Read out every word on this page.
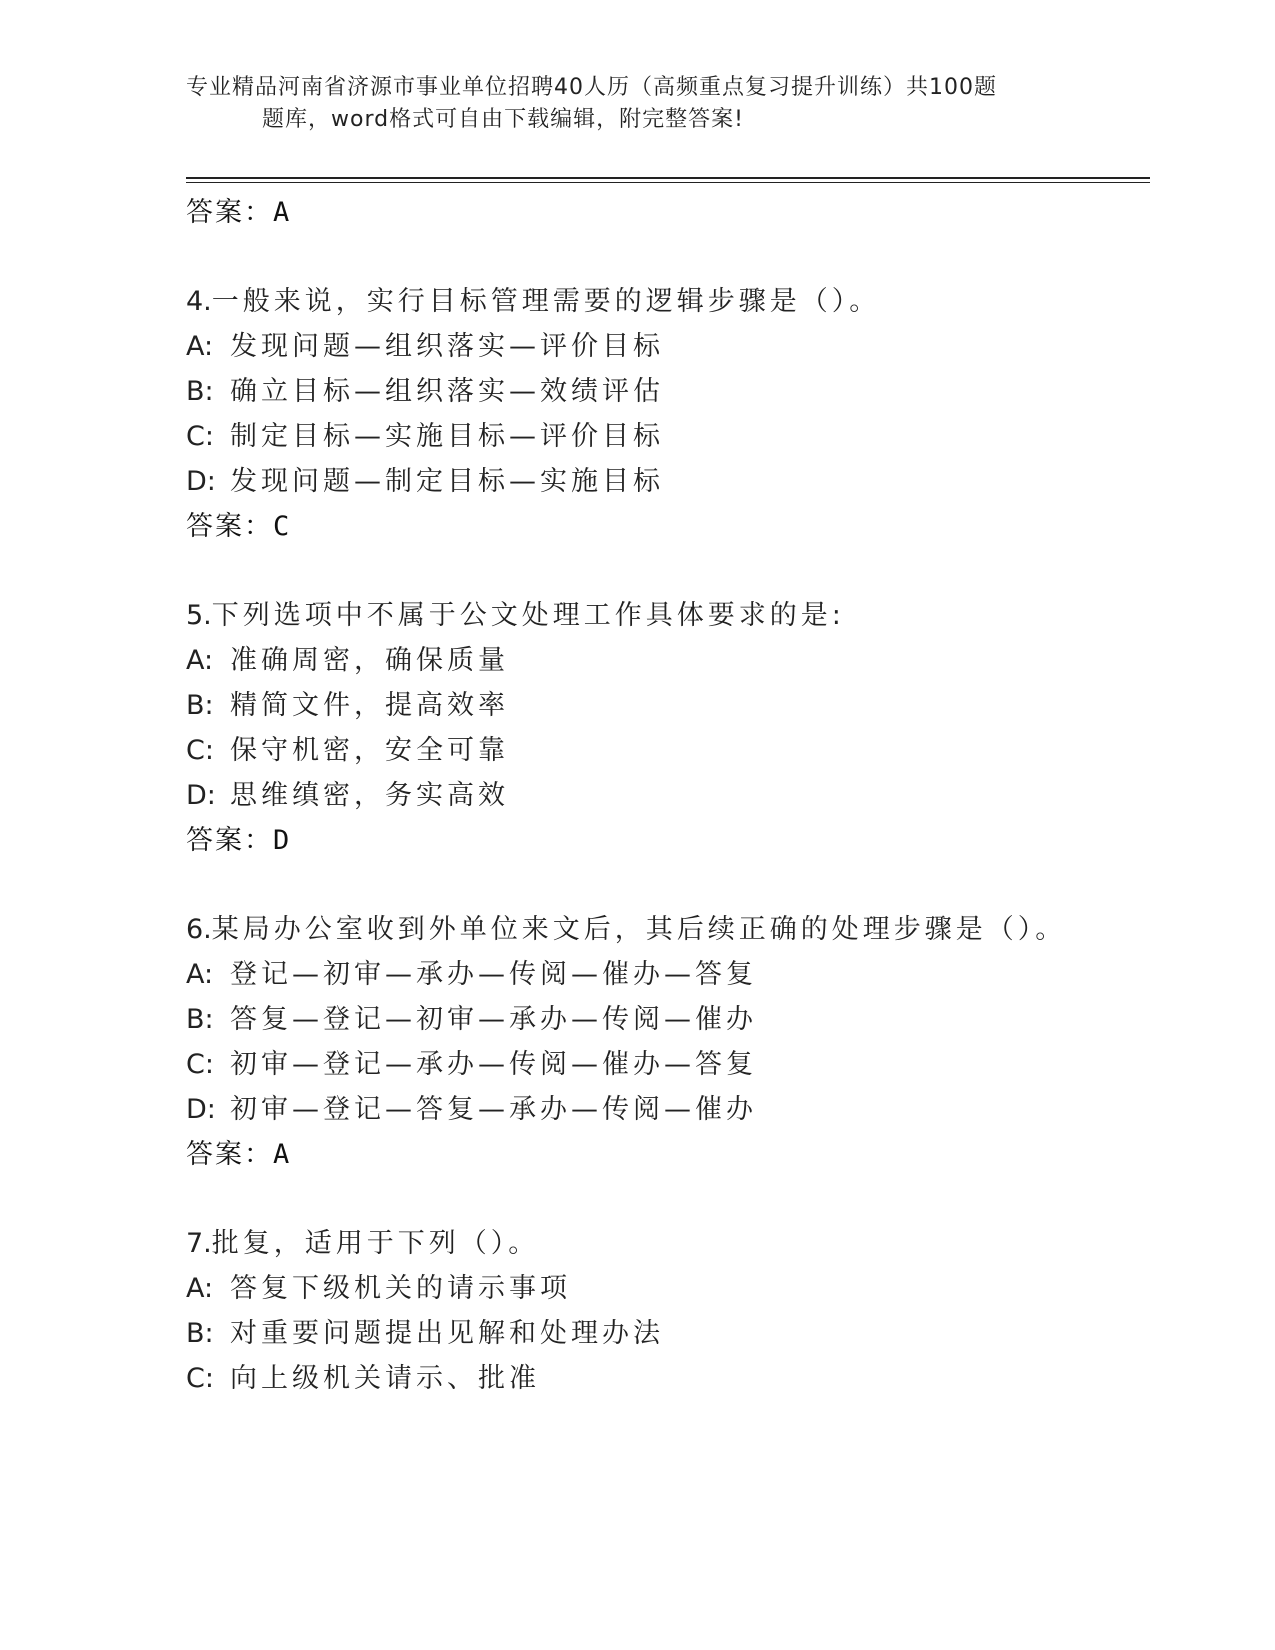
专业精品河南省济源市事业单位招聘40人历（高频重点复习提升训练）共100题
题库，word格式可自由下载编辑，附完整答案!
答案：A
4.一般来说，实行目标管理需要的逻辑步骤是（）。
A: 发现问题—组织落实—评价目标
B: 确立目标—组织落实—效绩评估
C: 制定目标—实施目标—评价目标
D: 发现问题—制定目标—实施目标
答案：C
5.下列选项中不属于公文处理工作具体要求的是:
A: 准确周密，确保质量
B: 精简文件，提高效率
C: 保守机密，安全可靠
D: 思维缜密，务实高效
答案：D
6.某局办公室收到外单位来文后，其后续正确的处理步骤是（）。
A: 登记—初审—承办—传阅—催办—答复
B: 答复—登记—初审—承办—传阅—催办
C: 初审—登记—承办—传阅—催办—答复
D: 初审—登记—答复—承办—传阅—催办
答案：A
7.批复，适用于下列（）。
A: 答复下级机关的请示事项
B: 对重要问题提出见解和处理办法
C: 向上级机关请示、批准
